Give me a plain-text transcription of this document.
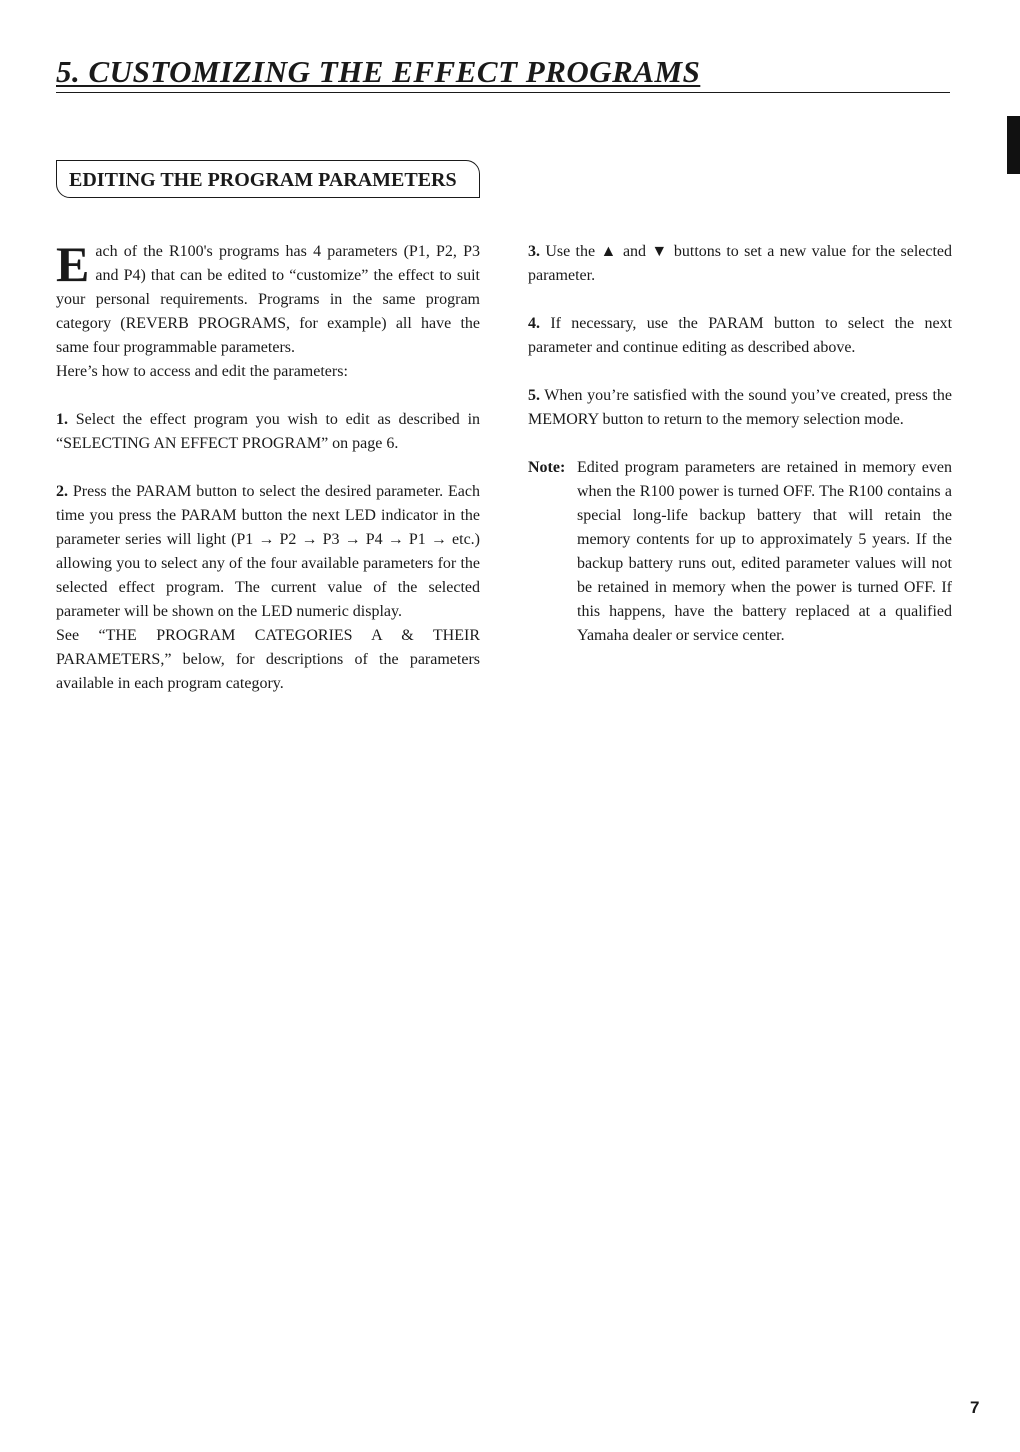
5. CUSTOMIZING THE EFFECT PROGRAMS
EDITING THE PROGRAM PARAMETERS

Each of the R100's programs has 4 parameters (P1, P2, P3 and P4) that can be edited to “customize” the effect to suit your personal requirements. Programs in the same program category (REVERB PROGRAMS, for example) all have the same four programmable parameters.

Here’s how to access and edit the parameters:

1. Select the effect program you wish to edit as described in “SELECTING AN EFFECT PROGRAM” on page 6.

2. Press the PARAM button to select the desired parameter. Each time you press the PARAM button the next LED indicator in the parameter series will light (P1 → P2 → P3 → P4 → P1 → etc.) allowing you to select any of the four available parameters for the selected effect program. The current value of the selected parameter will be shown on the LED numeric display.

See “THE PROGRAM CATEGORIES A & THEIR PARAMETERS,” below, for descriptions of the parameters available in each program category.

3. Use the ▲ and ▼ buttons to set a new value for the selected parameter.

4. If necessary, use the PARAM button to select the next parameter and continue editing as described above.

5. When you’re satisfied with the sound you’ve created, press the MEMORY button to return to the memory selection mode.

Note: Edited program parameters are retained in memory even when the R100 power is turned OFF. The R100 contains a special long-life backup battery that will retain the memory contents for up to approximately 5 years. If the backup battery runs out, edited parameter values will not be retained in memory when the power is turned OFF. If this happens, have the battery replaced at a qualified Yamaha dealer or service center.
7
